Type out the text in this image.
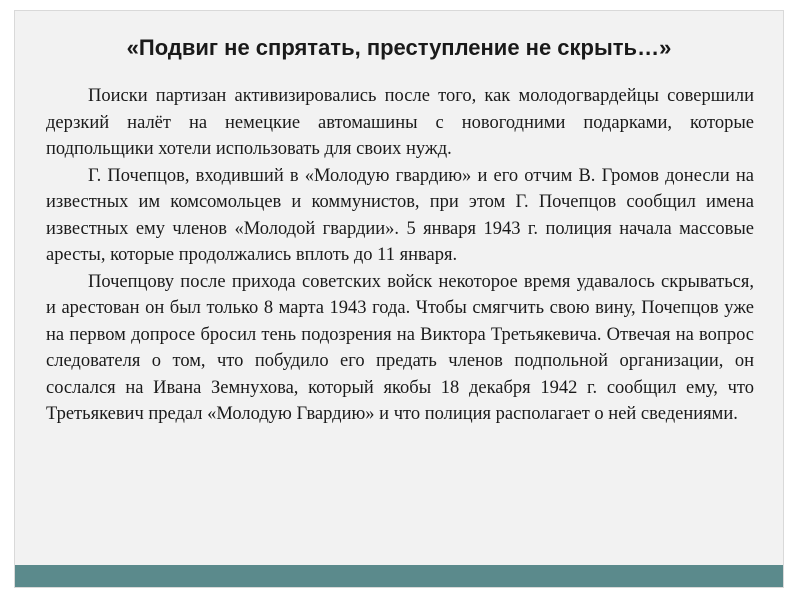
«Подвиг не спрятать, преступление не скрыть…»

Поиски партизан активизировались после того, как молодогвардейцы совершили дерзкий налёт на немецкие автомашины с новогодними подарками, которые подпольщики хотели использовать для своих нужд.

Г. Почепцов, входивший в «Молодую гвардию» и его отчим В. Громов донесли на известных им комсомольцев и коммунистов, при этом Г. Почепцов сообщил имена известных ему членов «Молодой гвардии». 5 января 1943 г. полиция начала массовые аресты, которые продолжались вплоть до 11 января.

Почепцову после прихода советских войск некоторое время удавалось скрываться, и арестован он был только 8 марта 1943 года. Чтобы смягчить свою вину, Почепцов уже на первом допросе бросил тень подозрения на Виктора Третьякевича. Отвечая на вопрос следователя о том, что побудило его предать членов подпольной организации, он сослался на Ивана Земнухова, который якобы 18 декабря 1942 г. сообщил ему, что Третьякевич предал «Молодую Гвардию» и что полиция располагает о ней сведениями.
